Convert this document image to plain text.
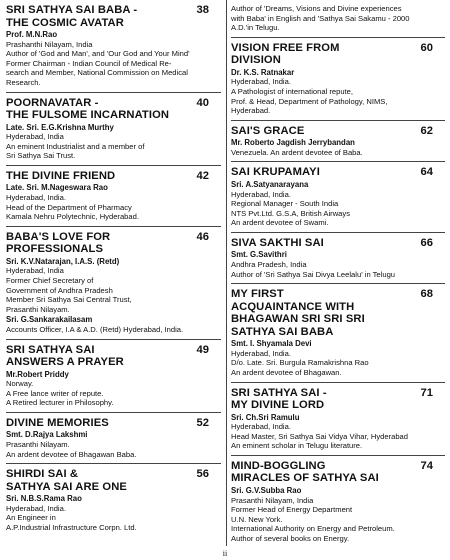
SRI SATHYA SAI BABA -
THE COSMIC AVATAR
38
Prof. M.N.Rao
Prashanthi Nilayam, India
Author of 'God and Man', and 'Our God and Your Mind'
Former Chairman - Indian Council of Medical Re-
search and Member, National Commission on Medical
Research.
POORNAVATAR -
THE FULSOME INCARNATION
40
Late. Sri. E.G.Krishna Murthy
Hyderabad, India
An eminent Industrialist and a member of
Sri Sathya Sai Trust.
THE DIVINE FRIEND	42
Late. Sri. M.Nageswara Rao
Hyderabad, India.
Head of the Department of Pharmacy
Kamala Nehru Polytechnic, Hyderabad.
BABA'S LOVE FOR
PROFESSIONALS
46
Sri. K.V.Natarajan, I.A.S. (Retd)
Hyderabad, India
Former Chief Secretary of
Government of Andhra Pradesh
Member Sri Sathya Sai Central Trust,
Prasanthi Nilayam.
Sri. G.Sankarakailasam
Accounts Officer, I.A & A.D. (Retd) Hyderabad, India.
SRI SATHYA SAI
ANSWERS A PRAYER
49
Mr.Robert Priddy
Norway.
A Free lance writer of repute.
A Retired lecturer in Philosophy.
DIVINE MEMORIES	52
Smt. D.Rajya Lakshmi
Prasanthi Nilayam.
An ardent devotee of Bhagawan Baba.
SHIRDI SAI &
SATHYA SAI ARE ONE
56
Sri. N.B.S.Rama Rao
Hyderabad, India.
An Engineer in
A.P.Industrial Infrastructure Corpn. Ltd.
Author of 'Dreams, Visions and Divine experiences
with Baba' in English and 'Sathya Sai Sakamu - 2000
A.D.'in Telugu.
VISION FREE FROM
DIVISION
60
Dr. K.S. Ratnakar
Hyderabad, India.
A Pathologist of international repute,
Prof. & Head, Department of Pathology, NIMS,
Hyderabad.
SAI'S GRACE	62
Mr. Roberto Jagdish Jerrybandan
Venezuela. An ardent devotee of Baba.
SAI KRUPAMAYI	64
Sri. A.Satyanarayana
Hyderabad, India.
Regional Manager - South India
NTS Pvt.Ltd. G.S.A, British Airways
An ardent devotee of Swami.
SIVA SAKTHI SAI	66
Smt. G.Savithri
Andhra Pradesh, India
Author of 'Sri Sathya Sai Divya Leelalu' in Telugu
MY FIRST
ACQUAINTANCE WITH
BHAGAWAN SRI SRI SRI
SATHYA SAI BABA
68
Smt. I. Shyamala Devi
Hyderabad, India.
D/o. Late. Sri. Burgula Ramakrishna Rao
An ardent devotee of Bhagawan.
SRI SATHYA SAI -
MY DIVINE LORD
71
Sri. Ch.Sri Ramulu
Hyderabad, India.
Head Master, Sri Sathya Sai Vidya Vihar, Hyderabad
An eminent scholar in Telugu literature.
MIND-BOGGLING
MIRACLES OF SATHYA SAI
74
Sri. G.V.Subba Rao
Prasanthi Nilayam, India
Former Head of Energy Department
U.N. New York.
International Authority on Energy and Petroleum.
Author of several books on Energy.
ii
